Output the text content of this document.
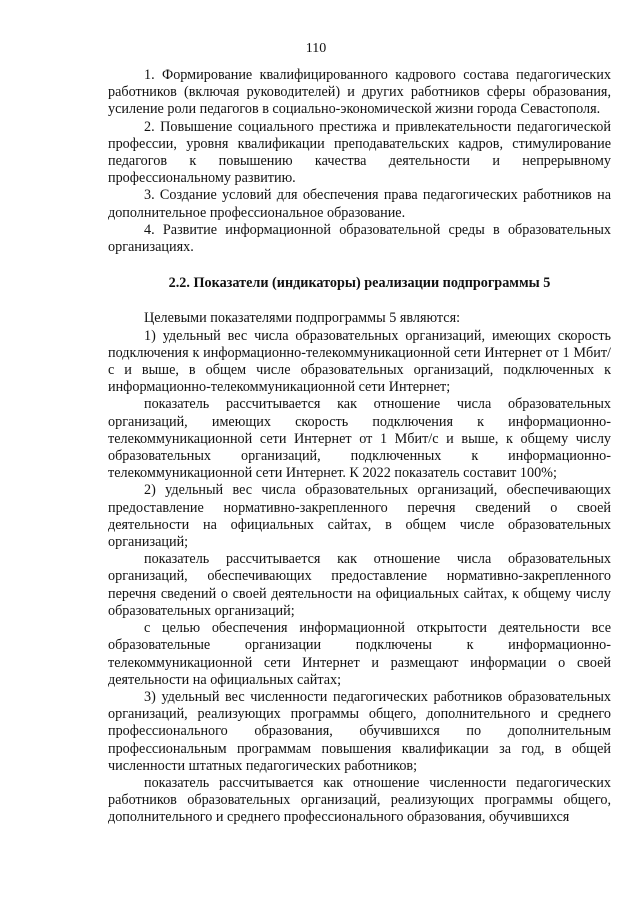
110

1. Формирование квалифицированного кадрового состава педагогических работников (включая руководителей) и других работников сферы образования, усиление роли педагогов в социально-экономической жизни города Севастополя.

2. Повышение социального престижа и привлекательности педагогической профессии, уровня квалификации преподавательских кадров, стимулирование педагогов к повышению качества деятельности и непрерывному профессиональному развитию.

3. Создание условий для обеспечения права педагогических работников на дополнительное профессиональное образование.

4. Развитие информационной образовательной среды в образовательных организациях.

2.2. Показатели (индикаторы) реализации подпрограммы 5

Целевыми показателями подпрограммы 5 являются:

1) удельный вес числа образовательных организаций, имеющих скорость подключения к информационно-телекоммуникационной сети Интернет от 1 Мбит/с и выше, в общем числе образовательных организаций, подключенных к информационно-телекоммуникационной сети Интернет;

показатель рассчитывается как отношение числа образовательных организаций, имеющих скорость подключения к информационно-телекоммуникационной сети Интернет от 1 Мбит/с и выше, к общему числу образовательных организаций, подключенных к информационно-телекоммуникационной сети Интернет. К 2022 показатель составит 100%;

2) удельный вес числа образовательных организаций, обеспечивающих предоставление нормативно-закрепленного перечня сведений о своей деятельности на официальных сайтах, в общем числе образовательных организаций;

показатель рассчитывается как отношение числа образовательных организаций, обеспечивающих предоставление нормативно-закрепленного перечня сведений о своей деятельности на официальных сайтах, к общему числу образовательных организаций;

с целью обеспечения информационной открытости деятельности все образовательные организации подключены к информационно-телекоммуникационной сети Интернет и размещают информации о своей деятельности на официальных сайтах;

3) удельный вес численности педагогических работников образовательных организаций, реализующих программы общего, дополнительного и среднего профессионального образования, обучившихся по дополнительным профессиональным программам повышения квалификации за год, в общей численности штатных педагогических работников;

показатель рассчитывается как отношение численности педагогических работников образовательных организаций, реализующих программы общего, дополнительного и среднего профессионального образования, обучившихся
